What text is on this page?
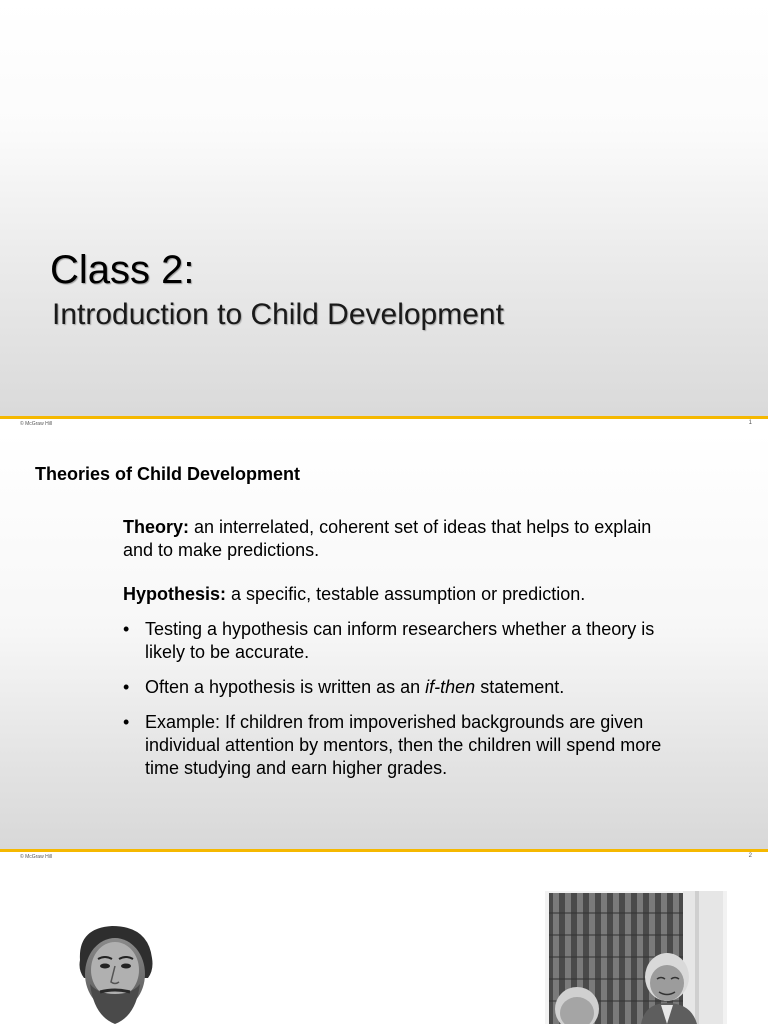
Class 2:
Introduction to Child Development
© McGraw Hill	1
Theories of Child Development

Theory: an interrelated, coherent set of ideas that helps to explain and to make predictions.

Hypothesis: a specific, testable assumption or prediction.

• Testing a hypothesis can inform researchers whether a theory is likely to be accurate.
• Often a hypothesis is written as an if-then statement.
• Example: If children from impoverished backgrounds are given individual attention by mentors, then the children will spend more time studying and earn higher grades.
© McGraw Hill	2
